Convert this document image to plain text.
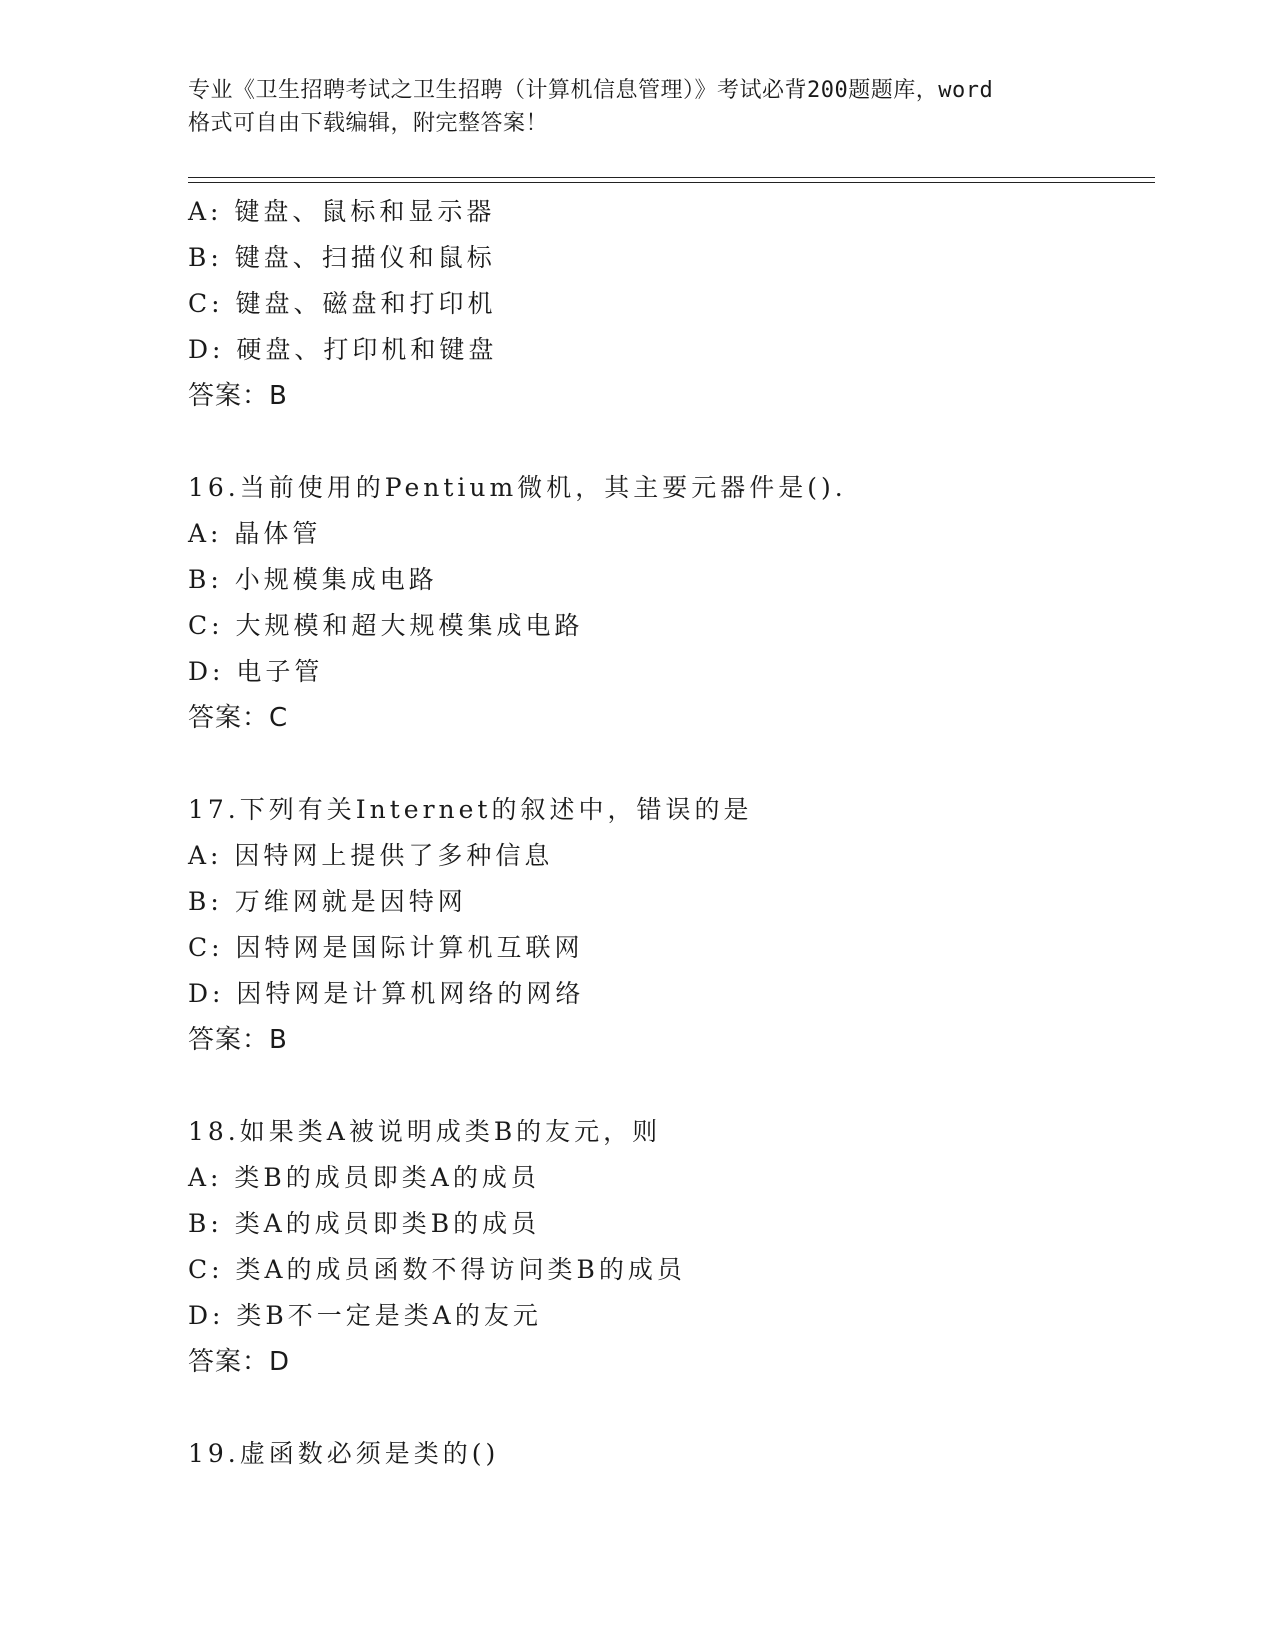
专业《卫生招聘考试之卫生招聘（计算机信息管理）》考试必背200题题库，word
格式可自由下载编辑，附完整答案！
A: 键盘、鼠标和显示器
B: 键盘、扫描仪和鼠标
C: 键盘、磁盘和打印机
D: 硬盘、打印机和键盘
答案：B
16.当前使用的Pentium微机，其主要元器件是().
A: 晶体管
B: 小规模集成电路
C: 大规模和超大规模集成电路
D: 电子管
答案：C
17.下列有关Internet的叙述中，错误的是
A: 因特网上提供了多种信息
B: 万维网就是因特网
C: 因特网是国际计算机互联网
D: 因特网是计算机网络的网络
答案：B
18.如果类A被说明成类B的友元，则
A: 类B的成员即类A的成员
B: 类A的成员即类B的成员
C: 类A的成员函数不得访问类B的成员
D: 类B不一定是类A的友元
答案：D
19.虚函数必须是类的()
